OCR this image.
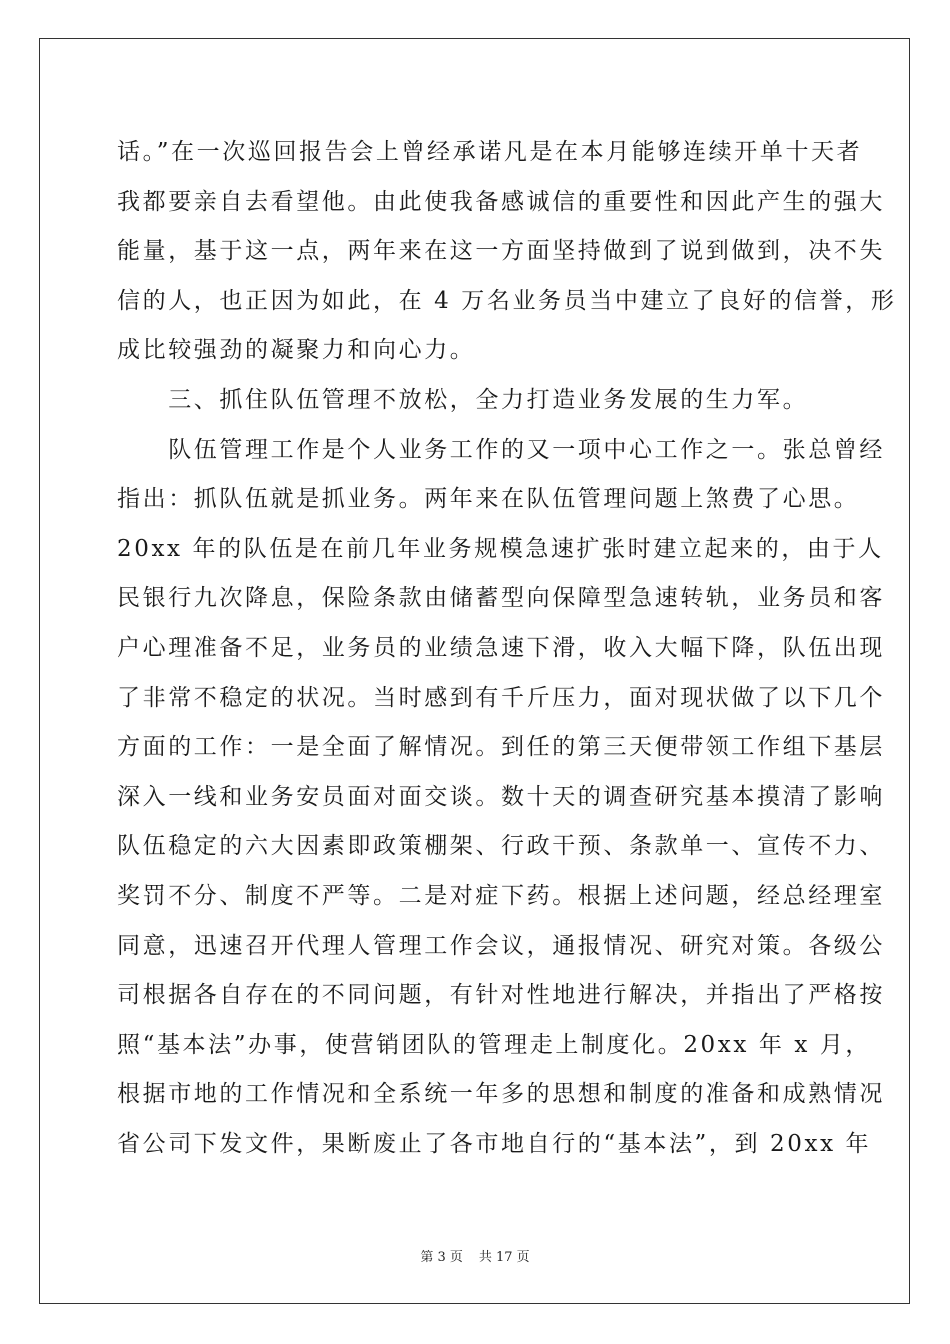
话。”在一次巡回报告会上曾经承诺凡是在本月能够连续开单十天者
我都要亲自去看望他。由此使我备感诚信的重要性和因此产生的强大
能量，基于这一点，两年来在这一方面坚持做到了说到做到，决不失
信的人，也正因为如此，在 4 万名业务员当中建立了良好的信誉，形
成比较强劲的凝聚力和向心力。
　　三、抓住队伍管理不放松，全力打造业务发展的生力军。
　　队伍管理工作是个人业务工作的又一项中心工作之一。张总曾经
指出：抓队伍就是抓业务。两年来在队伍管理问题上煞费了心思。
20xx 年的队伍是在前几年业务规模急速扩张时建立起来的，由于人
民银行九次降息，保险条款由储蓄型向保障型急速转轨，业务员和客
户心理准备不足，业务员的业绩急速下滑，收入大幅下降，队伍出现
了非常不稳定的状况。当时感到有千斤压力，面对现状做了以下几个
方面的工作：一是全面了解情况。到任的第三天便带领工作组下基层
深入一线和业务安员面对面交谈。数十天的调查研究基本摸清了影响
队伍稳定的六大因素即政策棚架、行政干预、条款单一、宣传不力、
奖罚不分、制度不严等。二是对症下药。根据上述问题，经总经理室
同意，迅速召开代理人管理工作会议，通报情况、研究对策。各级公
司根据各自存在的不同问题，有针对性地进行解决，并指出了严格按
照“基本法”办事，使营销团队的管理走上制度化。20xx 年 x 月，
根据市地的工作情况和全系统一年多的思想和制度的准备和成熟情况
省公司下发文件，果断废止了各市地自行的“基本法”，到 20xx 年
第 3 页 共 17 页
